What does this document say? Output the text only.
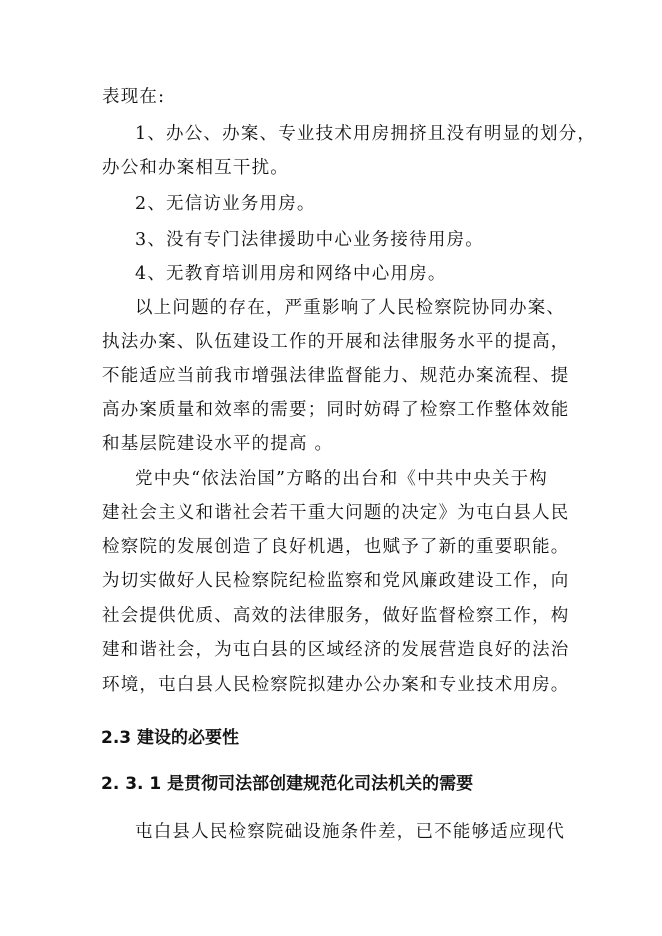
表现在:
1、办公、办案、专业技术用房拥挤且没有明显的划分，
办公和办案相互干扰。
2、无信访业务用房。
3、没有专门法律援助中心业务接待用房。
4、无教育培训用房和网络中心用房。
以上问题的存在，严重影响了人民检察院协同办案、
执法办案、队伍建设工作的开展和法律服务水平的提高，
不能适应当前我市增强法律监督能力、规范办案流程、提
高办案质量和效率的需要；同时妨碍了检察工作整体效能
和基层院建设水平的提高 。
党中央“依法治国”方略的出台和《中共中央关于构
建社会主义和谐社会若干重大问题的决定》为屯白县人民
检察院的发展创造了良好机遇，也赋予了新的重要职能。
为切实做好人民检察院纪检监察和党风廉政建设工作，向
社会提供优质、高效的法律服务，做好监督检察工作，构
建和谐社会，为屯白县的区域经济的发展营造良好的法治
环境，屯白县人民检察院拟建办公办案和专业技术用房。
2.3 建设的必要性
2. 3. 1 是贯彻司法部创建规范化司法机关的需要
屯白县人民检察院础设施条件差，已不能够适应现代
